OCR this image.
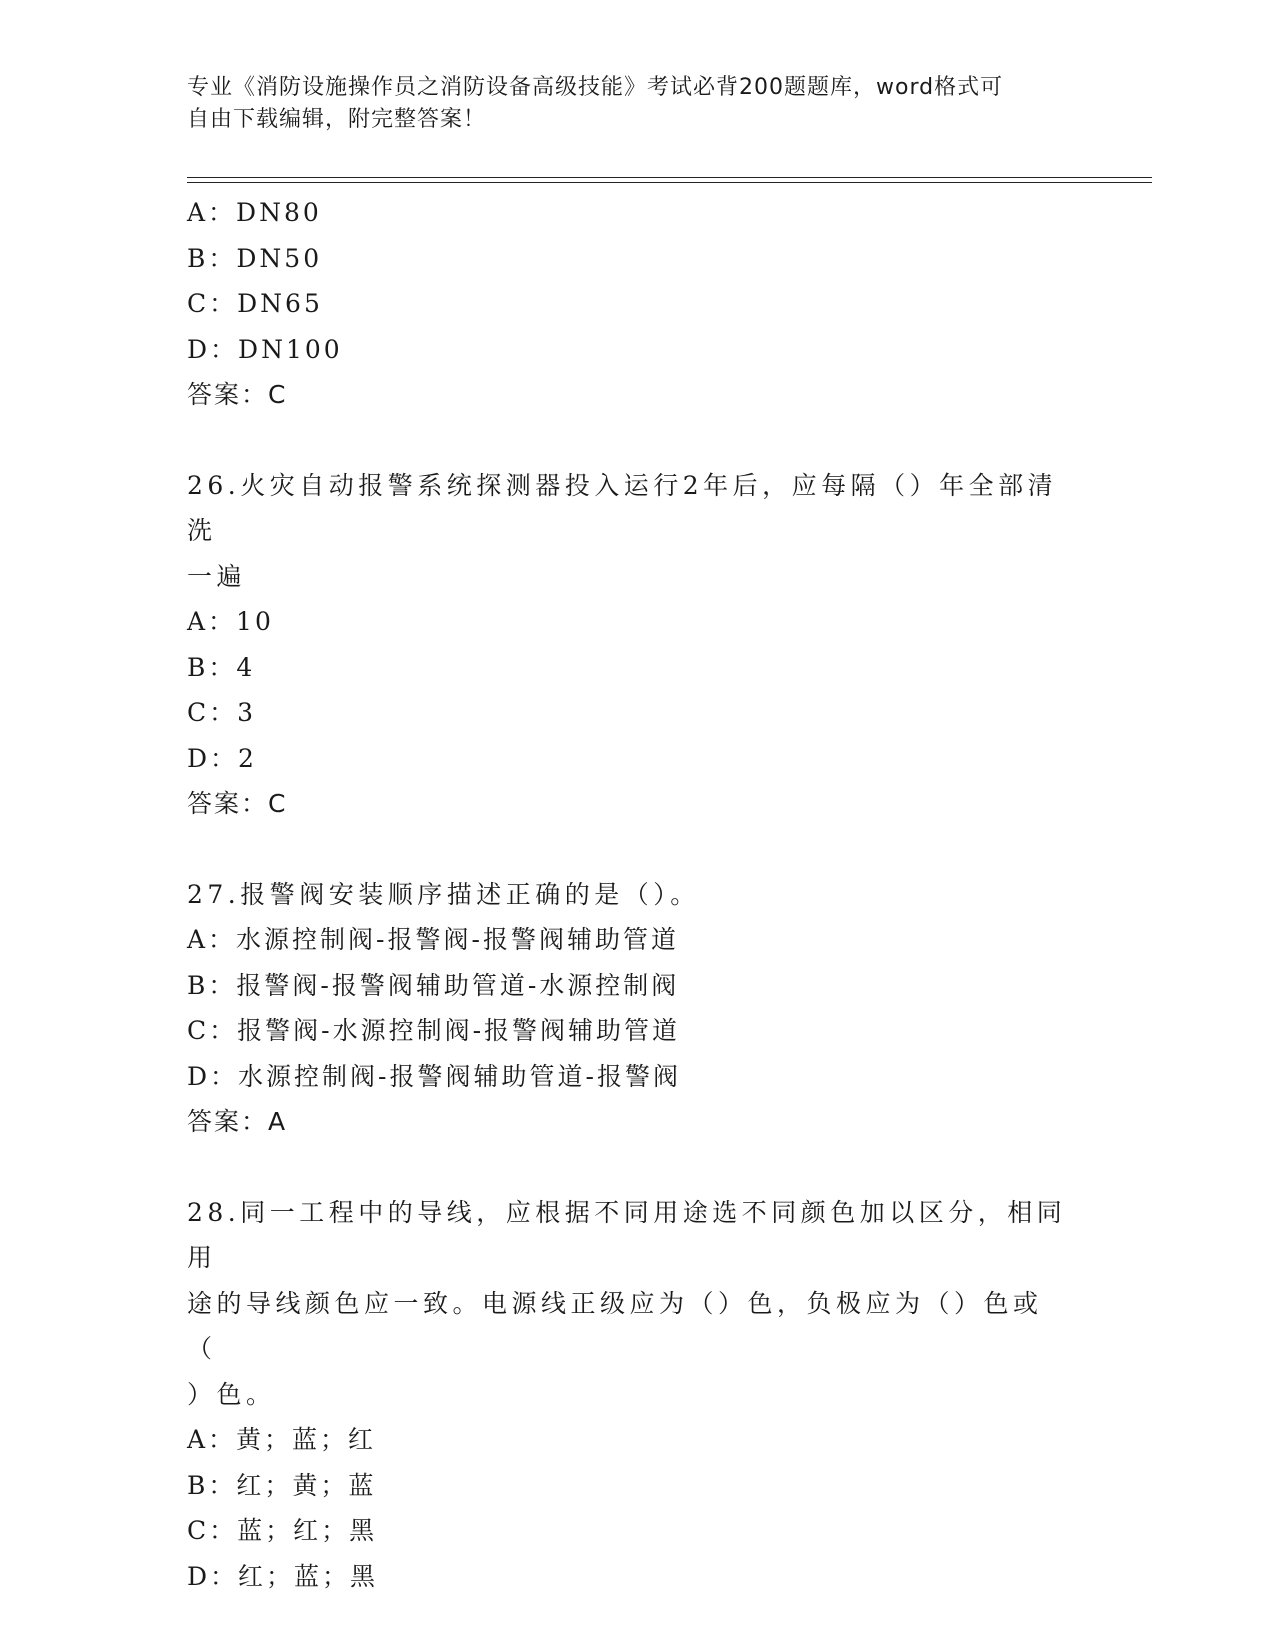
专业《消防设施操作员之消防设备高级技能》考试必背200题题库，word格式可
自由下载编辑，附完整答案！
A：DN80
B：DN50
C：DN65
D：DN100
答案：C
26.火灾自动报警系统探测器投入运行2年后，应每隔（）年全部清洗
一遍
A：10
B：4
C：3
D：2
答案：C
27.报警阀安装顺序描述正确的是（）。
A：水源控制阀-报警阀-报警阀辅助管道
B：报警阀-报警阀辅助管道-水源控制阀
C：报警阀-水源控制阀-报警阀辅助管道
D：水源控制阀-报警阀辅助管道-报警阀
答案：A
28.同一工程中的导线，应根据不同用途选不同颜色加以区分，相同用
途的导线颜色应一致。电源线正级应为（）色，负极应为（）色或（
）色。
A：黄；蓝；红
B：红；黄；蓝
C：蓝；红；黑
D：红；蓝；黑
